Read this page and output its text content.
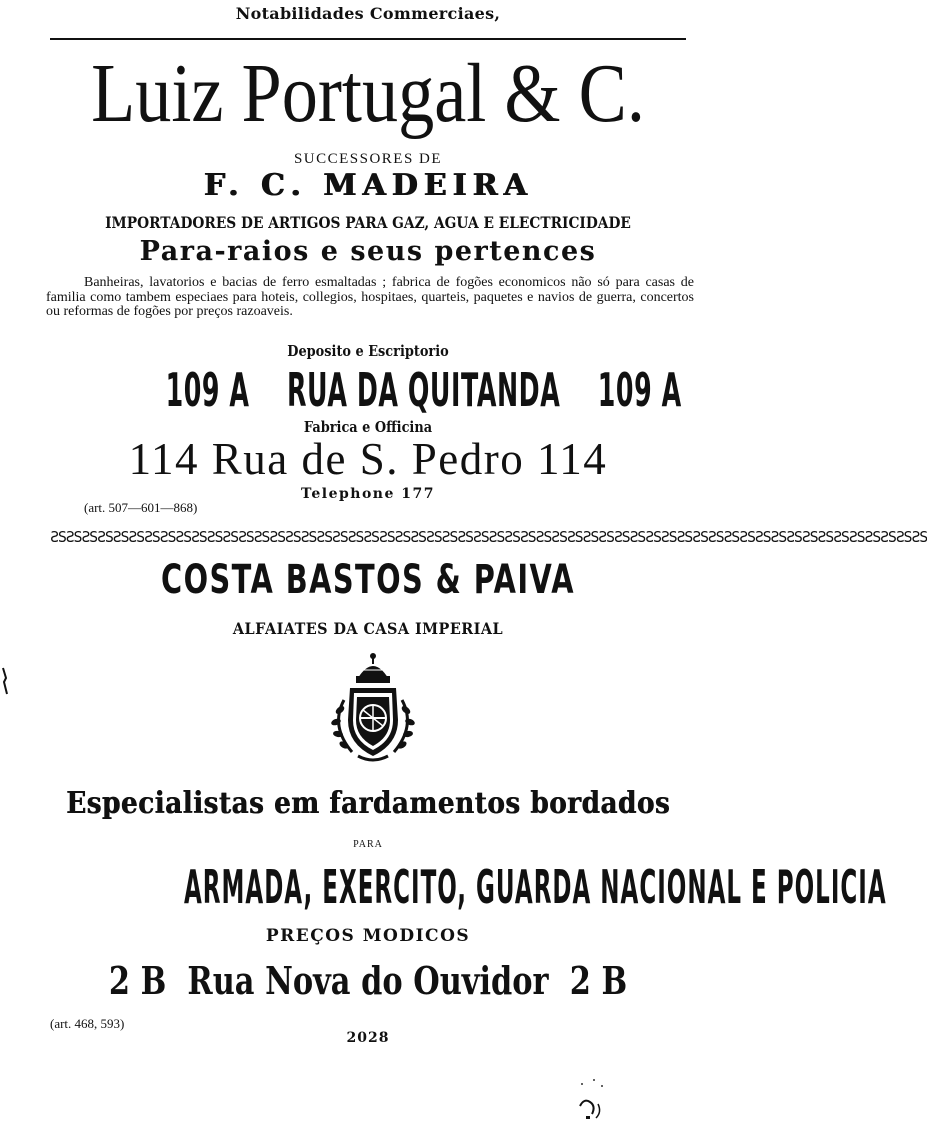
Notabilidades Commerciaes,
Luiz Portugal & C.
SUCCESSORES DE
F. C. MADEIRA
IMPORTADORES DE ARTIGOS PARA GAZ, AGUA E ELECTRICIDADE
Para-raios e seus pertences
Banheiras, lavatorios e bacias de ferro esmaltadas ; fabrica de fogões economicos não só para casas de familia como tambem especiaes para hoteis, collegios, hospitaes, quarteis, paquetes e navios de guerra, concertos ou reformas de fogões por preços razoaveis.
Deposito e Escriptorio
109 A    RUA DA QUITANDA    109 A
Fabrica e Officina
114 Rua de S. Pedro 114
Telephone 177
(art. 507—601—868)
ƧSƧSƧSƧSƧSƧSƧSƧSƧSƧSƧSƧSƧSƧSƧSƧSƧSƧSƧSƧSƧSƧSƧSƧSƧSƧSƧSƧSƧSƧSƧSƧSƧSƧSƧSƧSƧSƧSƧSƧSƧSƧSƧSƧSƧSƧSƧSƧSƧSƧSƧSƧSƧSƧSƧSƧS
COSTA BASTOS & PAIVA
ALFAIATES DA CASA IMPERIAL
Especialistas em fardamentos bordados
PARA
ARMADA, EXERCITO, GUARDA NACIONAL E POLICIA
PREÇOS MODICOS
2 B  Rua Nova do Ouvidor  2 B
(art. 468, 593)
2028
